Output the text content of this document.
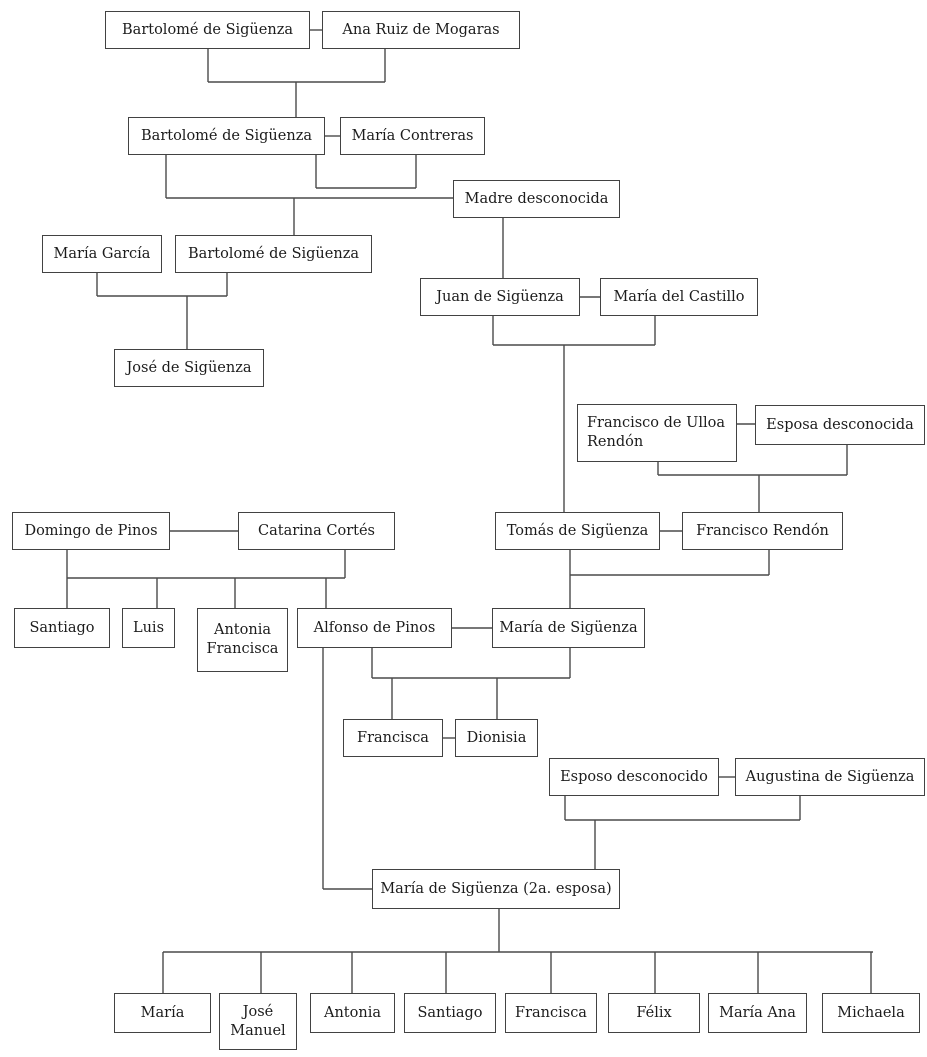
Bartolomé de Sigüenza	Ana Ruiz de Mogaras
Bartolomé de Sigüenza	María Contreras
Madre desconocida
María García	Bartolomé de Sigüenza
Juan de Sigüenza	María del Castillo
José de Sigüenza
Francisco de Ulloa Rendón
Esposa desconocida
Tomás de Sigüenza	Francisco Rendón
Domingo de Pinos	Catarina Cortés
Santiago	Luis	Antonia Francisca
Alfonso de Pinos	María de Sigüenza
Francisca	Dionisia
Esposo desconocido	Augustina de Sigüenza
María de Sigüenza (2a. esposa)
María	José Manuel
Antonia	Santiago Francisca	Félix	María Ana	Michaela
